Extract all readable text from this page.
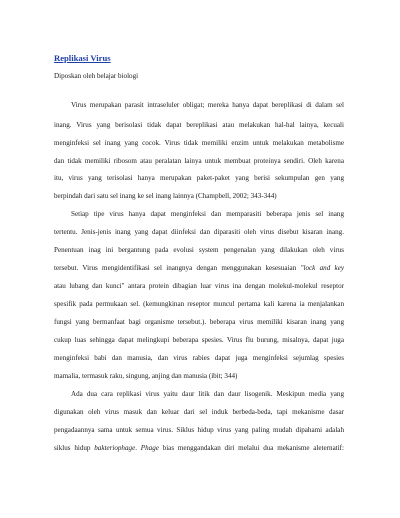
Replikasi Virus
Diposkan oleh belajar biologi
Virus merupakan parasit intraseluler obligat; mereka hanya dapat bereplikasi di dalam sel
inang. Virus yang berisolasi tidak dapat bereplikasi atau melakukan hal-hal lainya, kecuali
menginfeksi sel inang yang cocok. Virus tidak memiliki enzim untuk melakukan metabolisme
dan tidak memiliki ribosom atau peralatan lainya untuk membuat proteinya sendiri. Oleh karena
itu, virus yang terisolasi hanya merupakan paket-paket yang berisi sekumpulan gen yang
berpindah dari satu sel inang ke sel inang lainnya (Champbell, 2002; 343-344)
Setiap tipe virus hanya dapat menginfeksi dan memparasiti beberapa jenis sel inang
tertentu. Jenis-jenis inang yang dapat diinfeksi dan diparasiti oleh virus disebut kisaran inang.
Penentuan inag ini bergantung pada evolusi system pengenalan yang dilakukan oleh virus
tersebut. Virus mengidentifikasi sel inangnya dengan menggunakan kesesuaian "lock and key
atau lubang dan kunci" antara protein dibagian luar virus ina dengan molekul-molekul reseptor
spesifik pada permukaan sel. (kemungkinan reseptor muncul pertama kali karena ia menjalankan
fungsi yang bermanfaat bagi organisme tersebut.). beberapa virus memiliki kisaran inang yang
cukup luas sehingga dapat melingkupi beberapa spesies. Virus flu burung, misalnya, dapat juga
menginfeksi babi dan manusia, dan virus rabies dapat juga menginfeksi sejumlag spesies
mamalia, termasuk raku, singung, anjing dan manusia (ibit; 344)
Ada dua cara replikasi virus yaitu daur litik dan daur lisogenik. Meskipun media yang
digunakan oleh virus masuk dan keluar dari sel induk berbeda-beda, tapi mekanisme dasar
pengadaannya sama untuk semua virus. Siklus hidup virus yang paling mudah dipahami adalah
siklus hidup bakteriophage. Phage bias menggandakan diri melalui dua mekanisme aleternatif:
